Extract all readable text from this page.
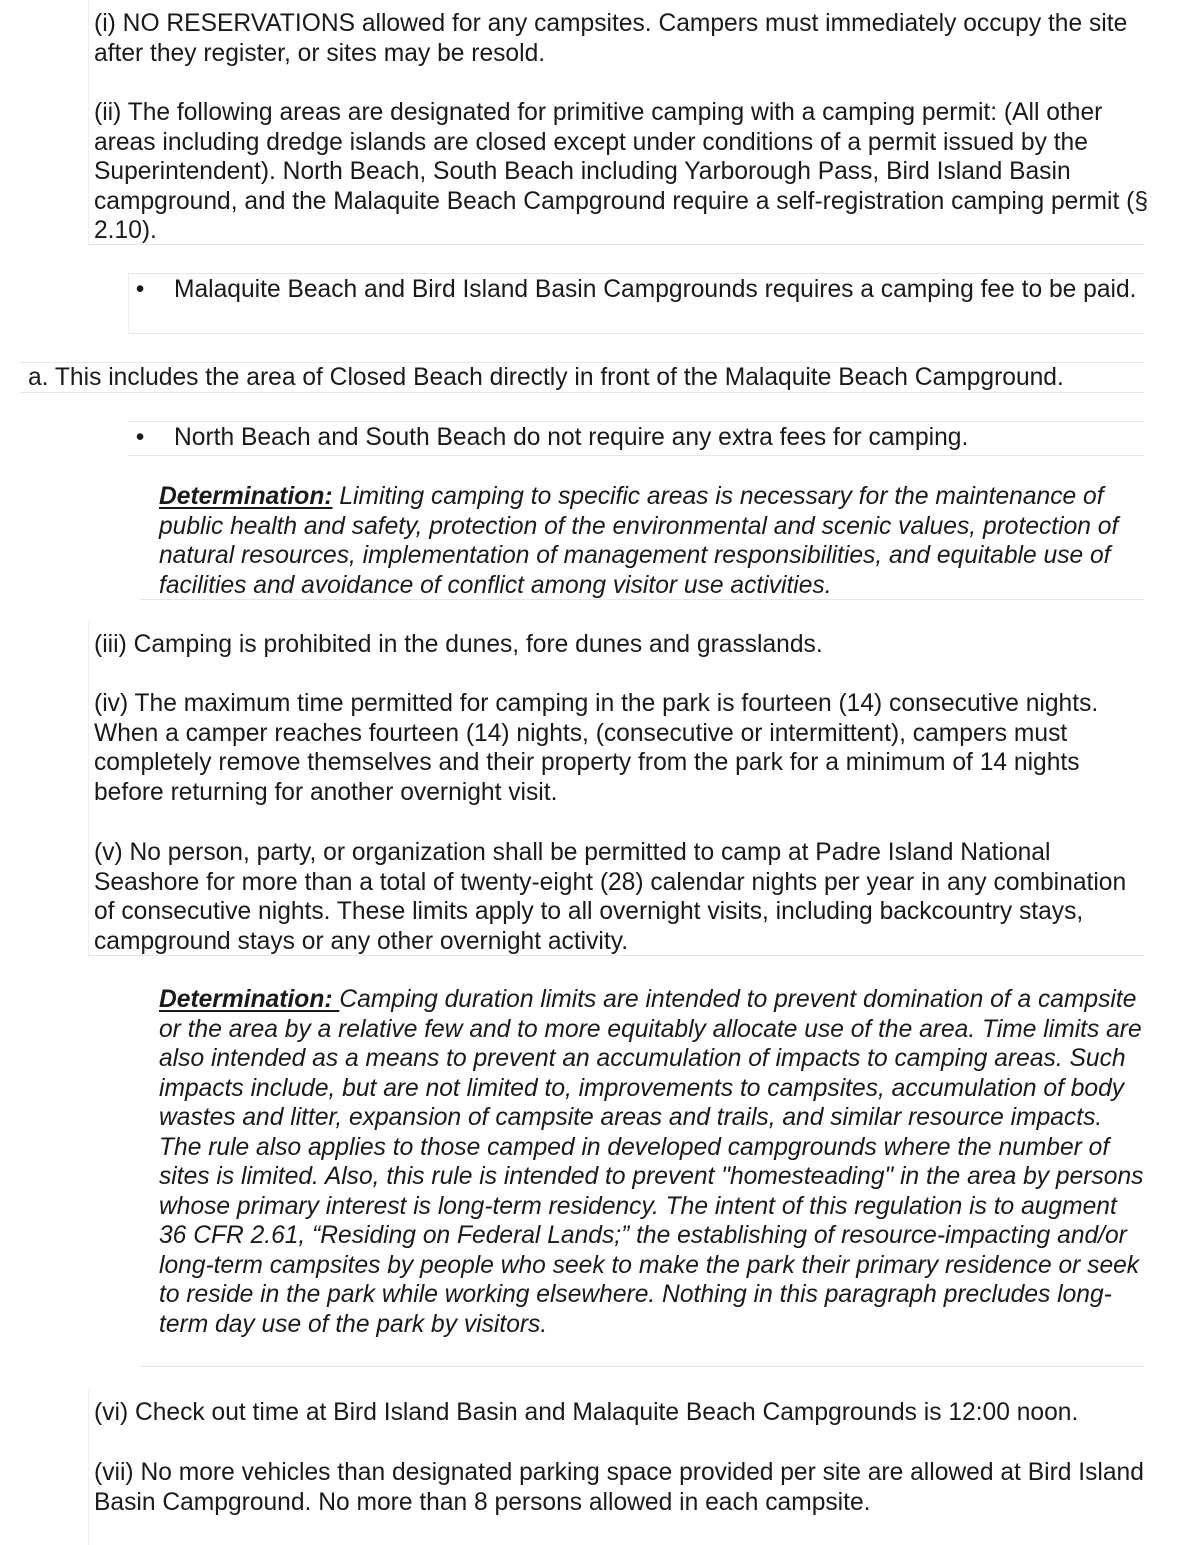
(i) NO RESERVATIONS allowed for any campsites. Campers must immediately occupy the site after they register, or sites may be resold.
(ii) The following areas are designated for primitive camping with a camping permit: (All other areas including dredge islands are closed except under conditions of a permit issued by the Superintendent). North Beach, South Beach including Yarborough Pass, Bird Island Basin campground, and the Malaquite Beach Campground require a self-registration camping permit (§ 2.10).
• Malaquite Beach and Bird Island Basin Campgrounds requires a camping fee to be paid.
a. This includes the area of Closed Beach directly in front of the Malaquite Beach Campground.
• North Beach and South Beach do not require any extra fees for camping.
Determination: Limiting camping to specific areas is necessary for the maintenance of public health and safety, protection of the environmental and scenic values, protection of natural resources, implementation of management responsibilities, and equitable use of facilities and avoidance of conflict among visitor use activities.
(iii) Camping is prohibited in the dunes, fore dunes and grasslands.
(iv) The maximum time permitted for camping in the park is fourteen (14) consecutive nights. When a camper reaches fourteen (14) nights, (consecutive or intermittent), campers must completely remove themselves and their property from the park for a minimum of 14 nights before returning for another overnight visit.
(v) No person, party, or organization shall be permitted to camp at Padre Island National Seashore for more than a total of twenty-eight (28) calendar nights per year in any combination of consecutive nights. These limits apply to all overnight visits, including backcountry stays, campground stays or any other overnight activity.
Determination: Camping duration limits are intended to prevent domination of a campsite or the area by a relative few and to more equitably allocate use of the area. Time limits are also intended as a means to prevent an accumulation of impacts to camping areas. Such impacts include, but are not limited to, improvements to campsites, accumulation of body wastes and litter, expansion of campsite areas and trails, and similar resource impacts. The rule also applies to those camped in developed campgrounds where the number of sites is limited. Also, this rule is intended to prevent "homesteading" in the area by persons whose primary interest is long-term residency. The intent of this regulation is to augment 36 CFR 2.61, “Residing on Federal Lands;” the establishing of resource-impacting and/or long-term campsites by people who seek to make the park their primary residence or seek to reside in the park while working elsewhere. Nothing in this paragraph precludes long-term day use of the park by visitors.
(vi) Check out time at Bird Island Basin and Malaquite Beach Campgrounds is 12:00 noon.
(vii) No more vehicles than designated parking space provided per site are allowed at Bird Island Basin Campground. No more than 8 persons allowed in each campsite.
